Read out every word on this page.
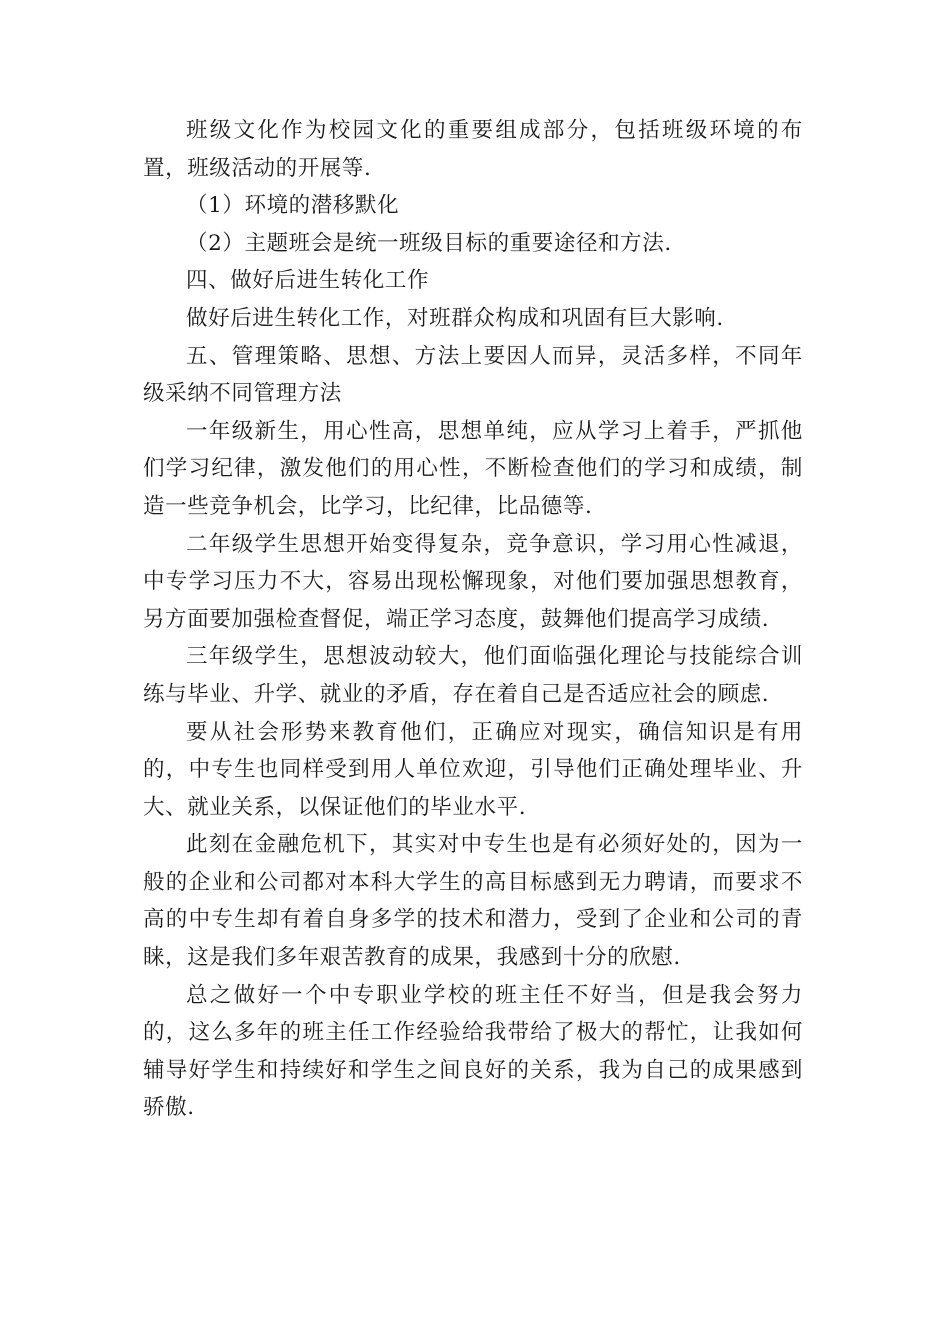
班级文化作为校园文化的重要组成部分，包括班级环境的布置，班级活动的开展等.

（1）环境的潜移默化

（2）主题班会是统一班级目标的重要途径和方法.

四、做好后进生转化工作

做好后进生转化工作，对班群众构成和巩固有巨大影响.

五、管理策略、思想、方法上要因人而异，灵活多样，不同年级采纳不同管理方法

一年级新生，用心性高，思想单纯，应从学习上着手，严抓他们学习纪律，激发他们的用心性，不断检查他们的学习和成绩，制造一些竞争机会，比学习，比纪律，比品德等.

二年级学生思想开始变得复杂，竞争意识，学习用心性减退，中专学习压力不大，容易出现松懈现象，对他们要加强思想教育，另方面要加强检查督促，端正学习态度，鼓舞他们提高学习成绩.

三年级学生，思想波动较大，他们面临强化理论与技能综合训练与毕业、升学、就业的矛盾，存在着自己是否适应社会的顾虑.

要从社会形势来教育他们，正确应对现实，确信知识是有用的，中专生也同样受到用人单位欢迎，引导他们正确处理毕业、升大、就业关系，以保证他们的毕业水平.

此刻在金融危机下，其实对中专生也是有必须好处的，因为一般的企业和公司都对本科大学生的高目标感到无力聘请，而要求不高的中专生却有着自身多学的技术和潜力，受到了企业和公司的青睐，这是我们多年艰苦教育的成果，我感到十分的欣慰.

总之做好一个中专职业学校的班主任不好当，但是我会努力的，这么多年的班主任工作经验给我带给了极大的帮忙，让我如何辅导好学生和持续好和学生之间良好的关系，我为自己的成果感到骄傲.
